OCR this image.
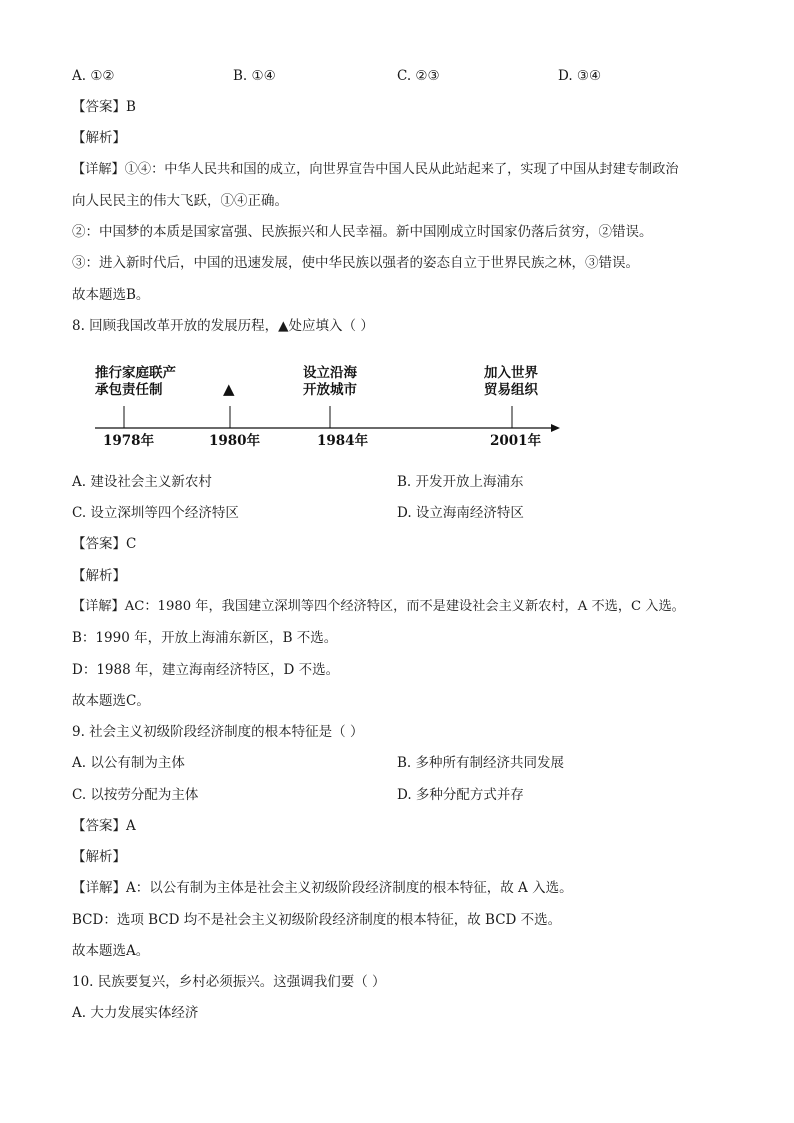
A. ①②	B. ①④	C. ②③	D. ③④
【答案】B
【解析】
【详解】①④：中华人民共和国的成立，向世界宣告中国人民从此站起来了，实现了中国从封建专制政治
向人民民主的伟大飞跃，①④正确。
②：中国梦的本质是国家富强、民族振兴和人民幸福。新中国刚成立时国家仍落后贫穷，②错误。
③：进入新时代后，中国的迅速发展，使中华民族以强者的姿态自立于世界民族之林，③错误。
故本题选B。
8. 回顾我国改革开放的发展历程，▲处应填入（ ）
推行家庭联产
承包责任制	▲
设立沿海
开放城市
加入世界
贸易组织
1978年	1980年	1984年	2001年
A. 建设社会主义新农村	B. 开发开放上海浦东
C. 设立深圳等四个经济特区	D. 设立海南经济特区
【答案】C
【解析】
【详解】AC：1980 年，我国建立深圳等四个经济特区，而不是建设社会主义新农村，A 不选，C 入选。
B：1990 年，开放上海浦东新区，B 不选。
D：1988 年，建立海南经济特区，D 不选。
故本题选C。
9. 社会主义初级阶段经济制度的根本特征是（ ）
A. 以公有制为主体	B. 多种所有制经济共同发展
C. 以按劳分配为主体	D. 多种分配方式并存
【答案】A
【解析】
【详解】A：以公有制为主体是社会主义初级阶段经济制度的根本特征，故 A 入选。
BCD：选项 BCD 均不是社会主义初级阶段经济制度的根本特征，故 BCD 不选。
故本题选A。
10. 民族要复兴，乡村必须振兴。这强调我们要（ ）
A. 大力发展实体经济
